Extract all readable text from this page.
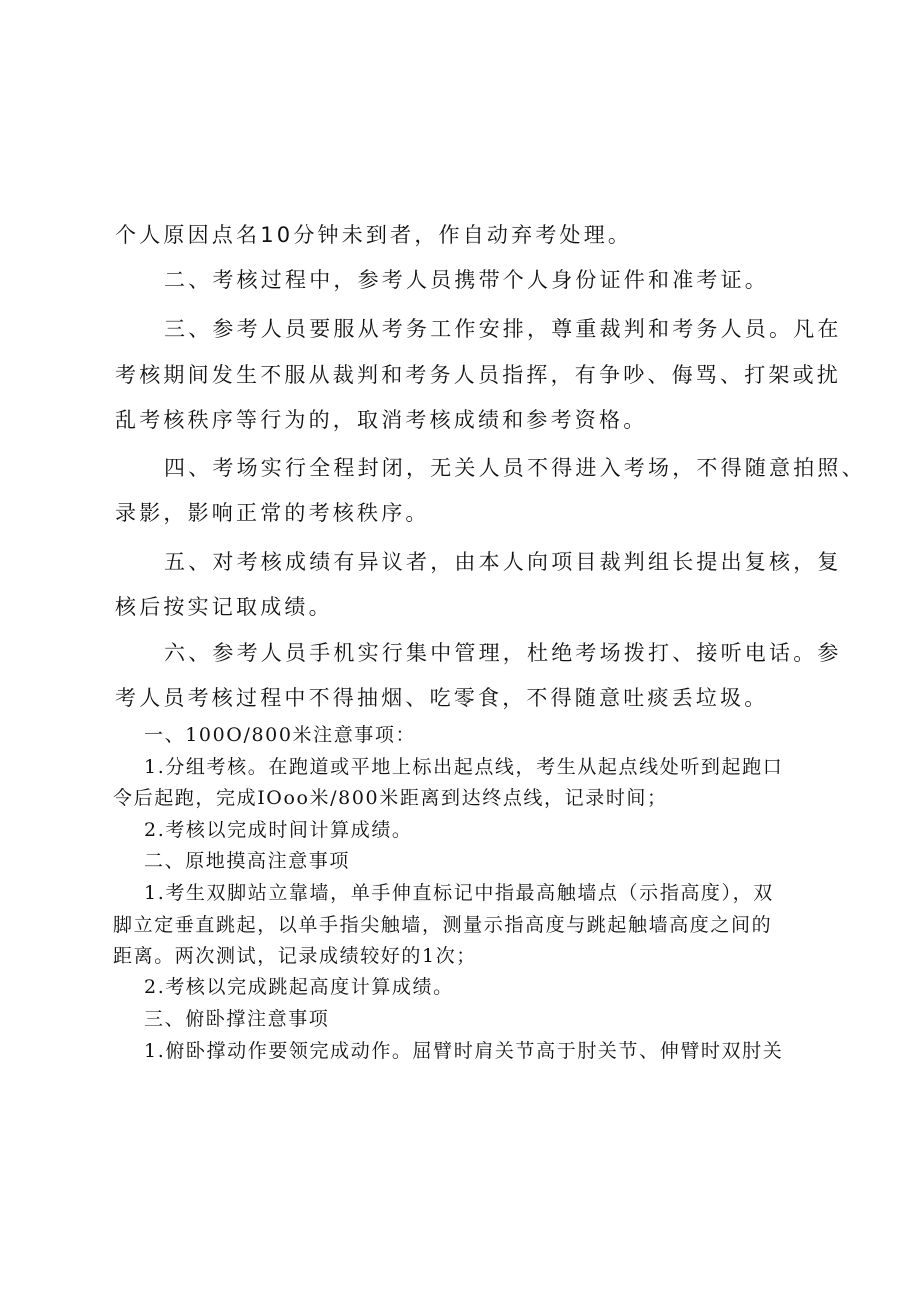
个人原因点名10分钟未到者，作自动弃考处理。

二、考核过程中，参考人员携带个人身份证件和准考证。

三、参考人员要服从考务工作安排，尊重裁判和考务人员。凡在

考核期间发生不服从裁判和考务人员指挥，有争吵、侮骂、打架或扰

乱考核秩序等行为的，取消考核成绩和参考资格。

四、考场实行全程封闭，无关人员不得进入考场，不得随意拍照、

录影，影响正常的考核秩序。

五、对考核成绩有异议者，由本人向项目裁判组长提出复核，复

核后按实记取成绩。

六、参考人员手机实行集中管理，杜绝考场拨打、接听电话。参

考人员考核过程中不得抽烟、吃零食，不得随意吐痰丢垃圾。

一、100O/800米注意事项：

1.分组考核。在跑道或平地上标出起点线，考生从起点线处听到起跑口

令后起跑，完成IOoo米/800米距离到达终点线，记录时间；

2.考核以完成时间计算成绩。

二、原地摸高注意事项

1.考生双脚站立靠墙，单手伸直标记中指最高触墙点（示指高度），双

脚立定垂直跳起，以单手指尖触墙，测量示指高度与跳起触墙高度之间的

距离。两次测试，记录成绩较好的1次；

2.考核以完成跳起高度计算成绩。

三、俯卧撑注意事项

1.俯卧撑动作要领完成动作。屈臂时肩关节高于肘关节、伸臂时双肘关
